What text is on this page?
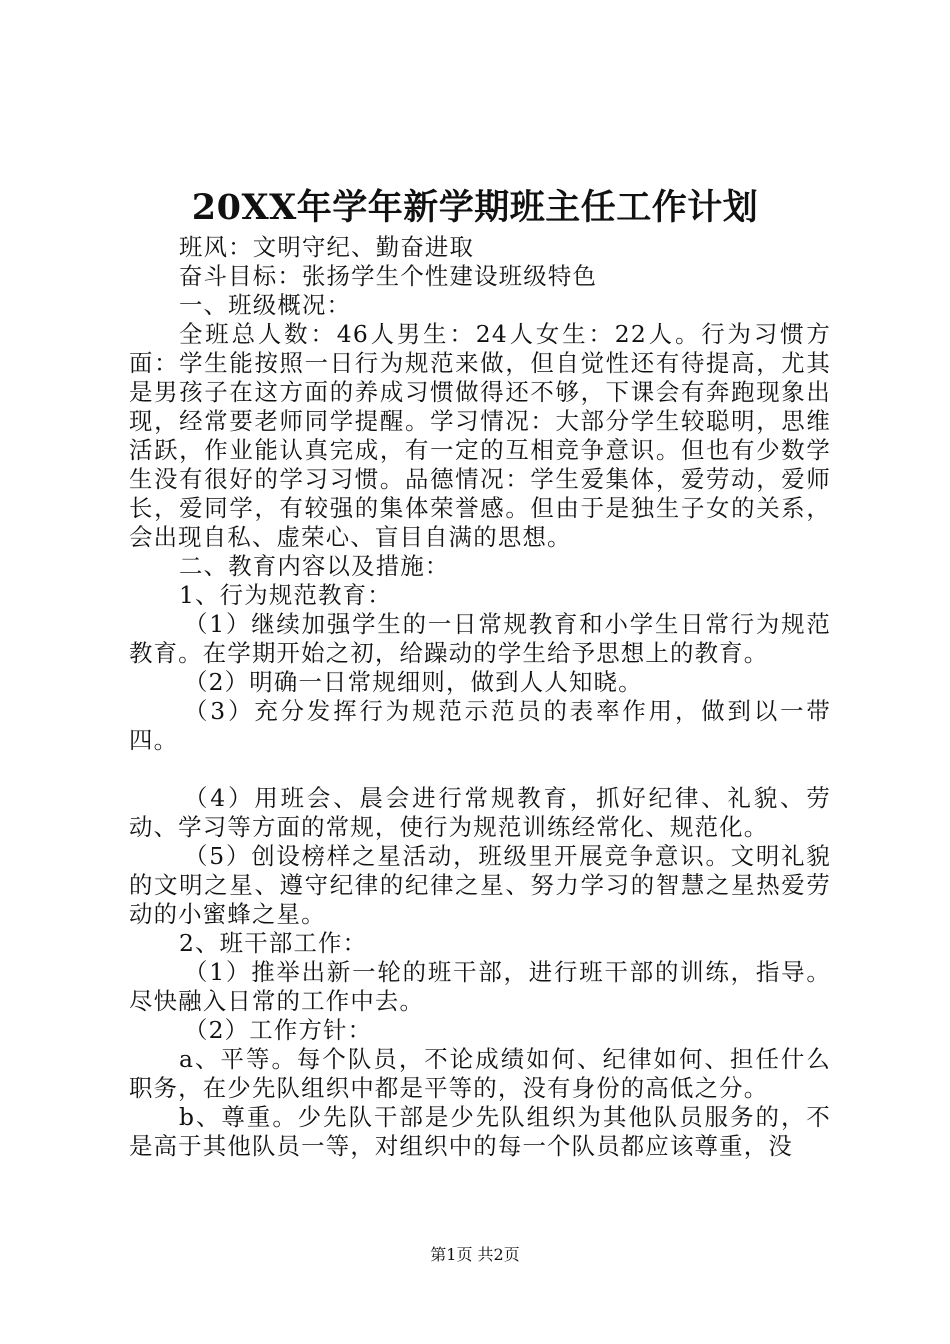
20XX年学年新学期班主任工作计划

班风：文明守纪、勤奋进取

奋斗目标：张扬学生个性建设班级特色

一、班级概况：

全班总人数：46人男生：24人女生：22人。行为习惯方面：学生能按照一日行为规范来做，但自觉性还有待提高，尤其是男孩子在这方面的养成习惯做得还不够，下课会有奔跑现象出现，经常要老师同学提醒。学习情况：大部分学生较聪明，思维活跃，作业能认真完成，有一定的互相竞争意识。但也有少数学生没有很好的学习习惯。品德情况：学生爱集体，爱劳动，爱师长，爱同学，有较强的集体荣誉感。但由于是独生子女的关系，会出现自私、虚荣心、盲目自满的思想。

二、教育内容以及措施：

1、行为规范教育：

（1）继续加强学生的一日常规教育和小学生日常行为规范教育。在学期开始之初，给躁动的学生给予思想上的教育。

（2）明确一日常规细则，做到人人知晓。

（3）充分发挥行为规范示范员的表率作用，做到以一带四。

（4）用班会、晨会进行常规教育，抓好纪律、礼貌、劳动、学习等方面的常规，使行为规范训练经常化、规范化。

（5）创设榜样之星活动，班级里开展竞争意识。文明礼貌的文明之星、遵守纪律的纪律之星、努力学习的智慧之星热爱劳动的小蜜蜂之星。

2、班干部工作：

（1）推举出新一轮的班干部，进行班干部的训练，指导。尽快融入日常的工作中去。

（2）工作方针：

a、平等。每个队员，不论成绩如何、纪律如何、担任什么职务，在少先队组织中都是平等的，没有身份的高低之分。

b、尊重。少先队干部是少先队组织为其他队员服务的，不是高于其他队员一等，对组织中的每一个队员都应该尊重，没

第1页 共2页
